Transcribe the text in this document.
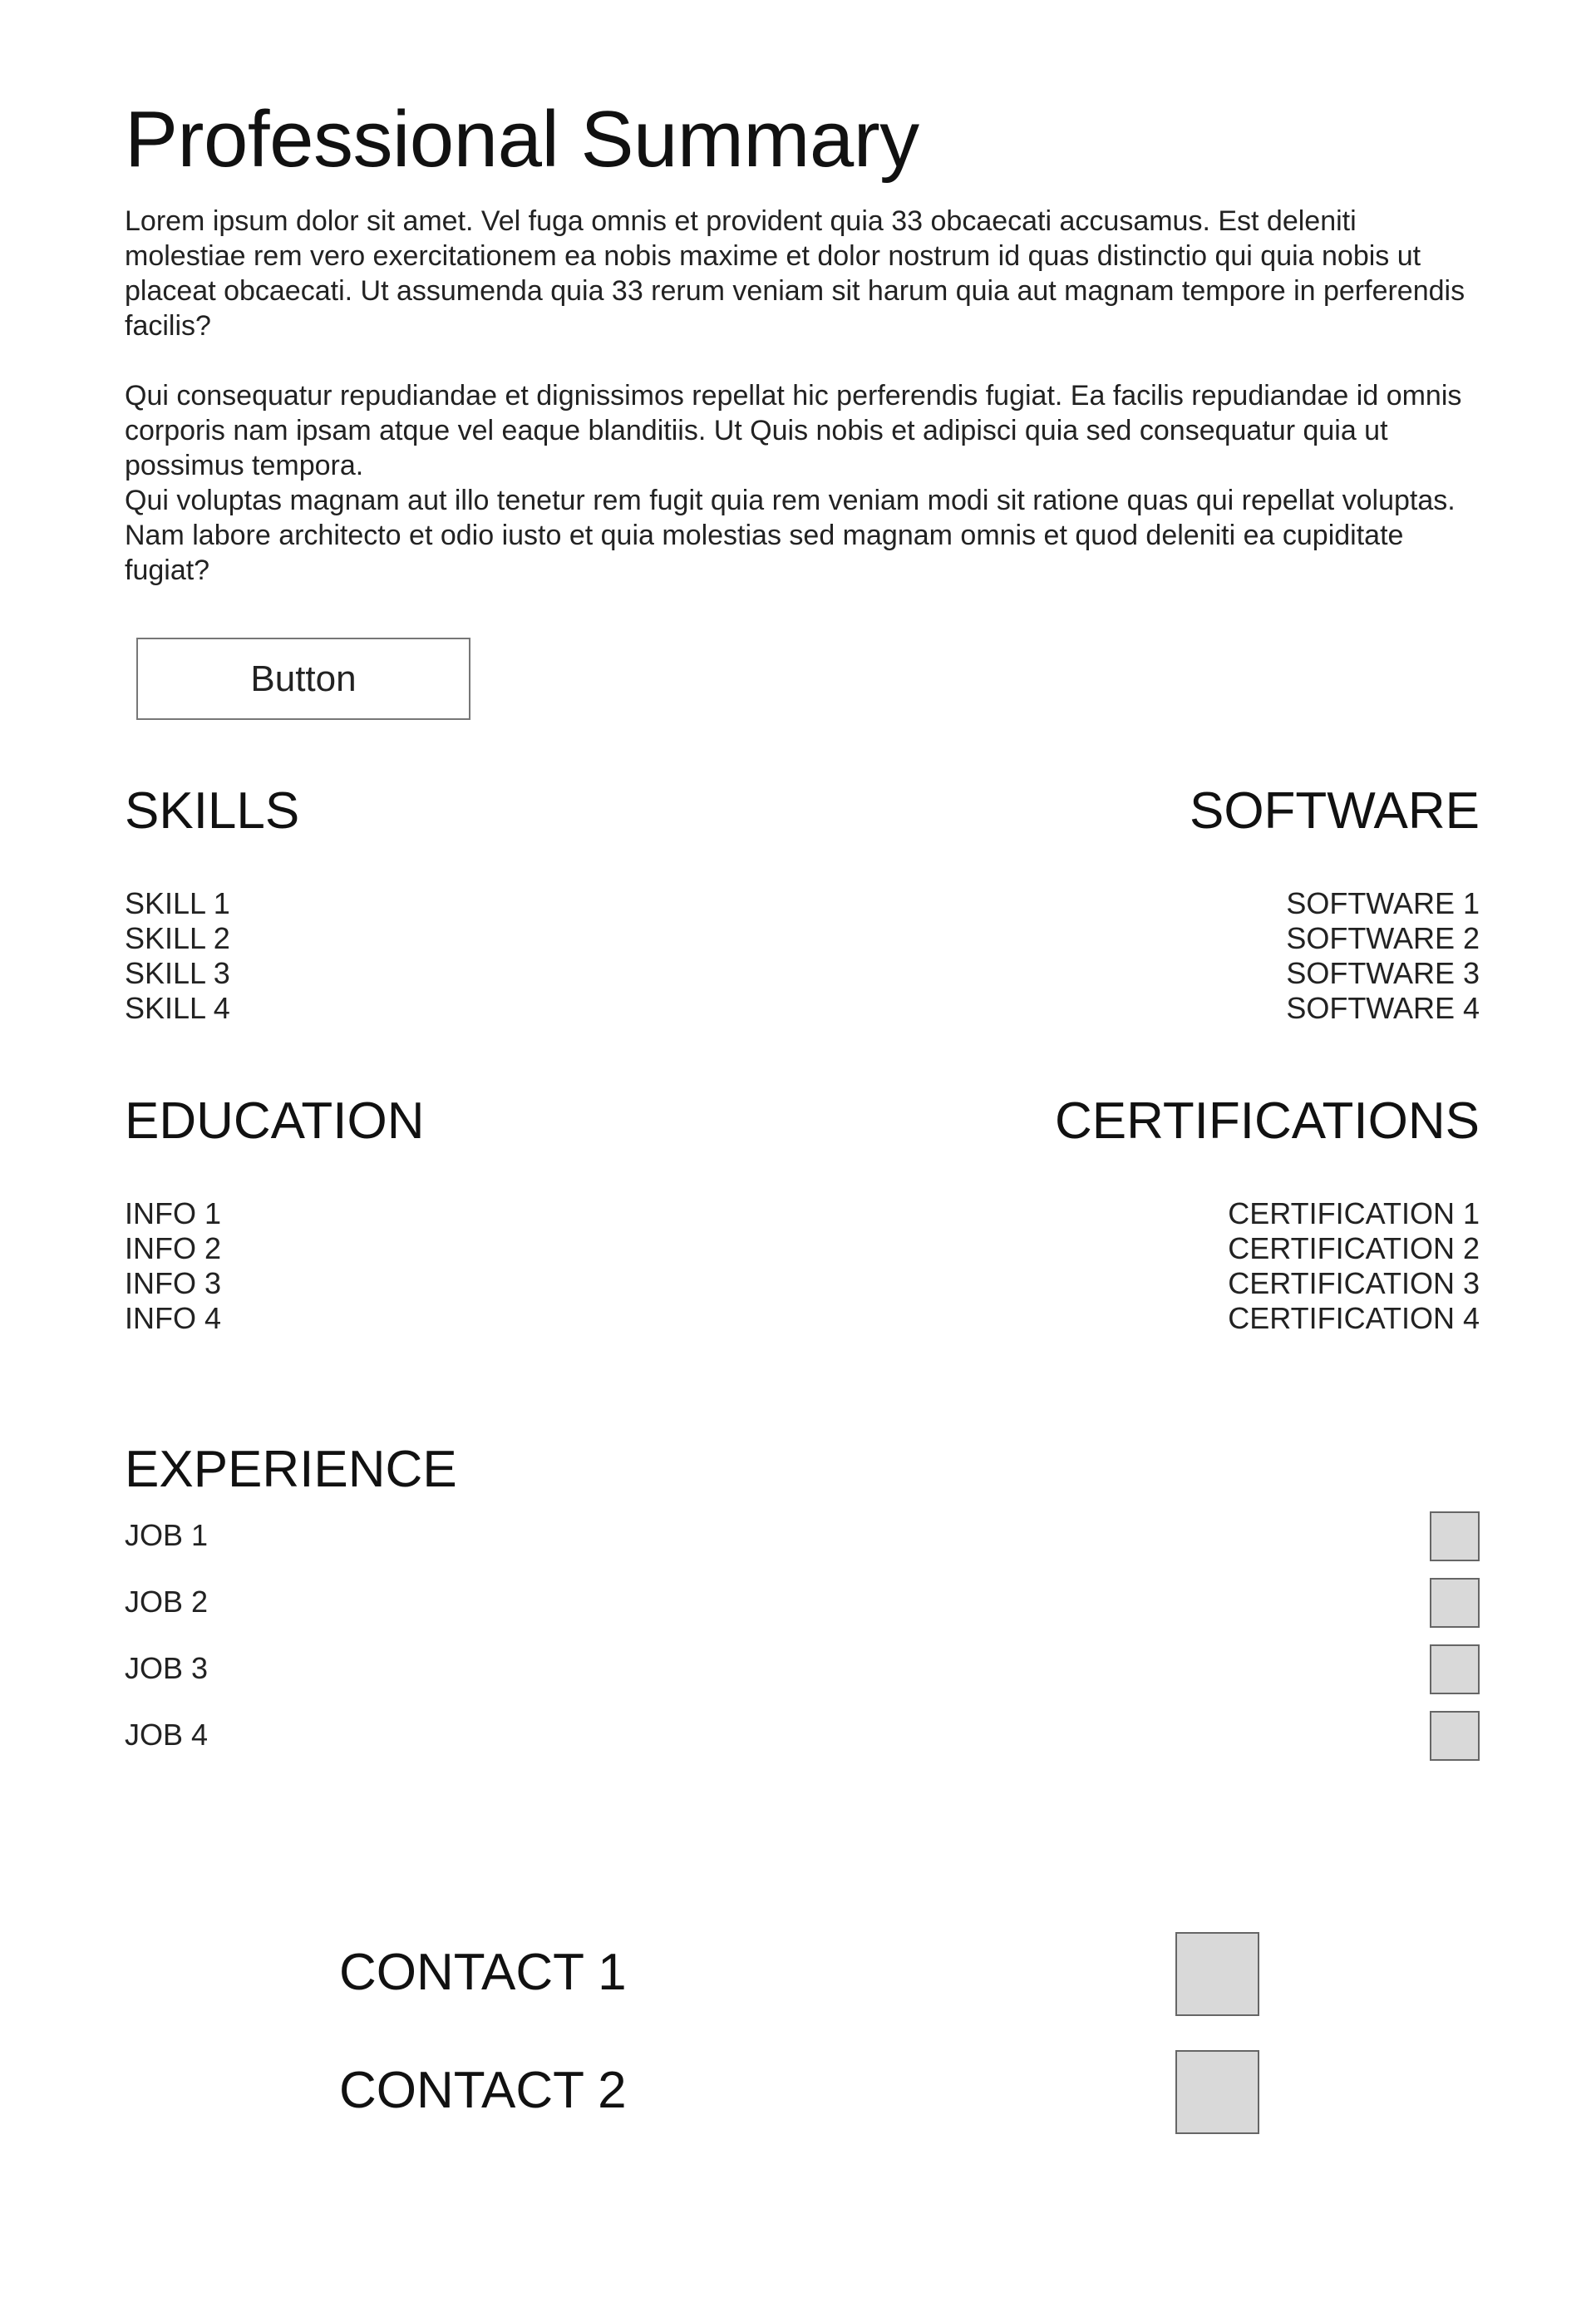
Professional Summary

Lorem ipsum dolor sit amet. Vel fuga omnis et provident quia 33 obcaecati accusamus. Est deleniti molestiae rem vero exercitationem ea nobis maxime et dolor nostrum id quas distinctio qui quia nobis ut placeat obcaecati. Ut assumenda quia 33 rerum veniam sit harum quia aut magnam tempore in perferendis facilis?

Qui consequatur repudiandae et dignissimos repellat hic perferendis fugiat. Ea facilis repudiandae id omnis corporis nam ipsam atque vel eaque blanditiis. Ut Quis nobis et adipisci quia sed consequatur quia ut possimus tempora.

Qui voluptas magnam aut illo tenetur rem fugit quia rem veniam modi sit ratione quas qui repellat voluptas. Nam labore architecto et odio iusto et quia molestias sed magnam omnis et quod deleniti ea cupiditate fugiat?

Button
SKILLS
SKILL 1
SKILL 2
SKILL 3
SKILL 4
SOFTWARE
SOFTWARE 1
SOFTWARE 2
SOFTWARE 3
SOFTWARE 4
EDUCATION
INFO 1
INFO 2
INFO 3
INFO 4
CERTIFICATIONS
CERTIFICATION 1
CERTIFICATION 2
CERTIFICATION 3
CERTIFICATION 4
EXPERIENCE
JOB 1
JOB 2
JOB 3
JOB 4
CONTACT 1
CONTACT 2
